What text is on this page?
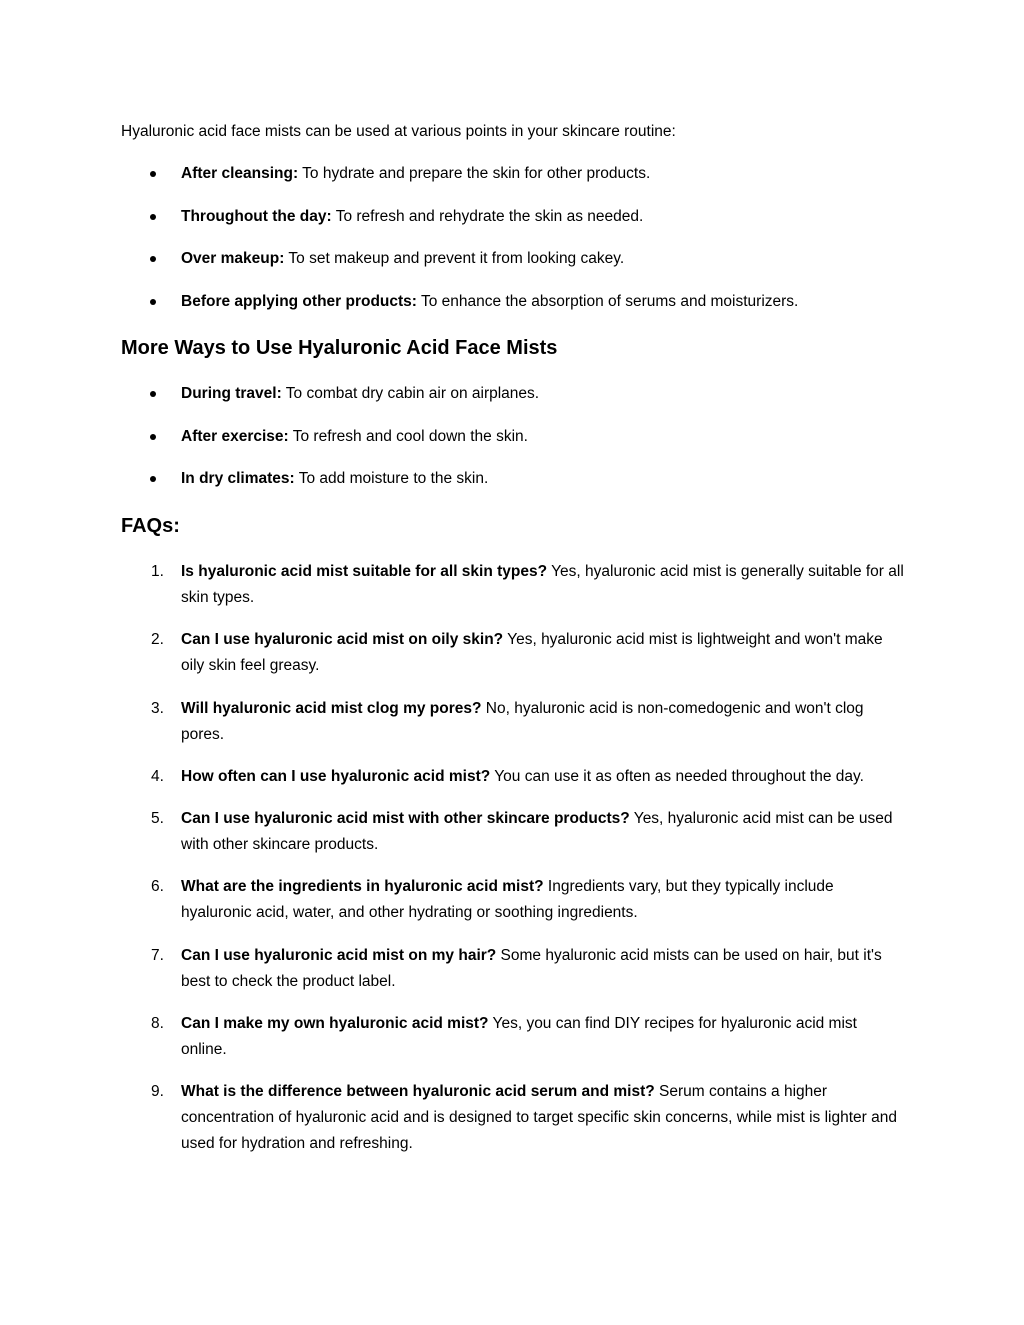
Hyaluronic acid face mists can be used at various points in your skincare routine:

After cleansing: To hydrate and prepare the skin for other products.
Throughout the day: To refresh and rehydrate the skin as needed.
Over makeup: To set makeup and prevent it from looking cakey.
Before applying other products: To enhance the absorption of serums and moisturizers.
More Ways to Use Hyaluronic Acid Face Mists
During travel: To combat dry cabin air on airplanes.
After exercise: To refresh and cool down the skin.
In dry climates: To add moisture to the skin.
FAQs:
1. Is hyaluronic acid mist suitable for all skin types? Yes, hyaluronic acid mist is generally suitable for all skin types.
2. Can I use hyaluronic acid mist on oily skin? Yes, hyaluronic acid mist is lightweight and won't make oily skin feel greasy.
3. Will hyaluronic acid mist clog my pores? No, hyaluronic acid is non-comedogenic and won't clog pores.
4. How often can I use hyaluronic acid mist? You can use it as often as needed throughout the day.
5. Can I use hyaluronic acid mist with other skincare products? Yes, hyaluronic acid mist can be used with other skincare products.
6. What are the ingredients in hyaluronic acid mist? Ingredients vary, but they typically include hyaluronic acid, water, and other hydrating or soothing ingredients.
7. Can I use hyaluronic acid mist on my hair? Some hyaluronic acid mists can be used on hair, but it's best to check the product label.
8. Can I make my own hyaluronic acid mist? Yes, you can find DIY recipes for hyaluronic acid mist online.
9. What is the difference between hyaluronic acid serum and mist? Serum contains a higher concentration of hyaluronic acid and is designed to target specific skin concerns, while mist is lighter and used for hydration and refreshing.
